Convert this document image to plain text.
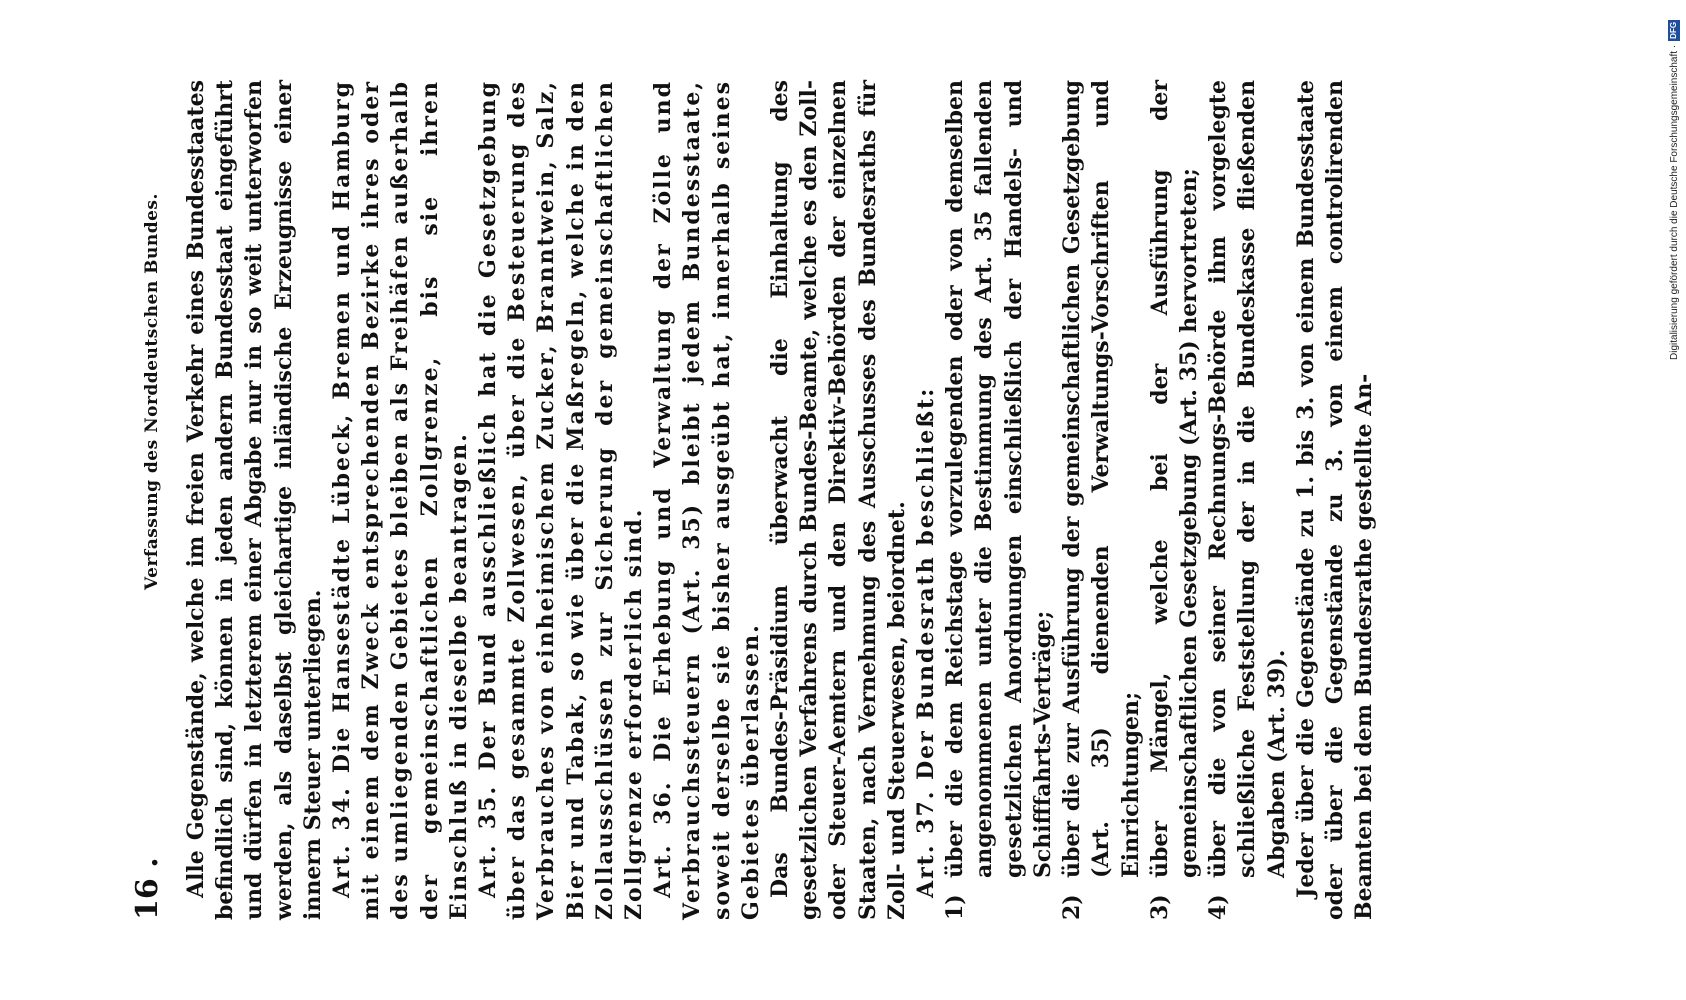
16 .
Verfassung des Norddeutschen Bundes. Alle Gegenstände, welche im freien Verkehr eines Bundesstaates befindlich sind, können in jeden andern Bundesstaat eingeführt und dürfen in letzterem einer Abgabe nur in so weit unterworfen werden, als daselbst gleichartige inländische Erzeugnisse einer innern Steuer unterliegen. Art. 34. Die Hansestädte Lübeck, Bremen und Hamburg mit einem dem Zweck entsprechenden Bezirke ihres oder des umliegenden Gebietes bleiben als Freihäfen außerhalb der gemeinschaftlichen Zollgrenze, bis sie ihren Einschluß in dieselbe beantragen. Art. 35. Der Bund ausschließlich hat die Gesetzgebung über das gesammte Zollwesen, über die Besteuerung des Verbrauches von einheimischem Zucker, Branntwein, Salz, Bier und Tabak, so wie über die Maßregeln, welche in den Zollausschlüssen zur Sicherung der gemeinschaftlichen Zollgrenze erforderlich sind. Art. 36. Die Erhebung und Verwaltung der Zölle und Verbrauchssteuern (Art. 35) bleibt jedem Bundesstaate, soweit derselbe sie bisher ausgeübt hat, innerhalb seines Gebietes überlassen. Das Bundes-Präsidium überwacht die Einhaltung des gesetzlichen Verfahrens durch Bundes-Beamte, welche es den Zoll- oder Steuer-Aemtern und den Direktiv-Behörden der einzelnen Staaten, nach Vernehmung des Ausschusses des Bundesraths für Zoll- und Steuerwesen, beiordnet. Art. 37. Der Bundesrath beschließt:

1)
über die dem Reichstage vorzulegenden oder von demselben angenommenen unter die Bestimmung des Art. 35 fallenden gesetzlichen Anordnungen einschließlich der Handels- und Schifffahrts-Verträge;
2)
über die zur Ausführung der gemeinschaftlichen Gesetzgebung (Art. 35) dienenden Verwaltungs-Vorschriften und Einrichtungen;
3)
über Mängel, welche bei der Ausführung der gemeinschaftlichen Gesetzgebung (Art. 35) hervortreten;
4)
über die von seiner Rechnungs-Behörde ihm vorgelegte schließliche Feststellung der in die Bundeskasse fließenden Abgaben (Art. 39). Jeder über die Gegenstände zu 1. bis 3. von einem Bundesstaate oder über die Gegenstände zu 3. von einem controlirenden Beamten bei dem Bundesrathe gestellte An-

Digitalisierung gefördert durch die Deutsche Forschungsgemeinschaft ·
DFG
